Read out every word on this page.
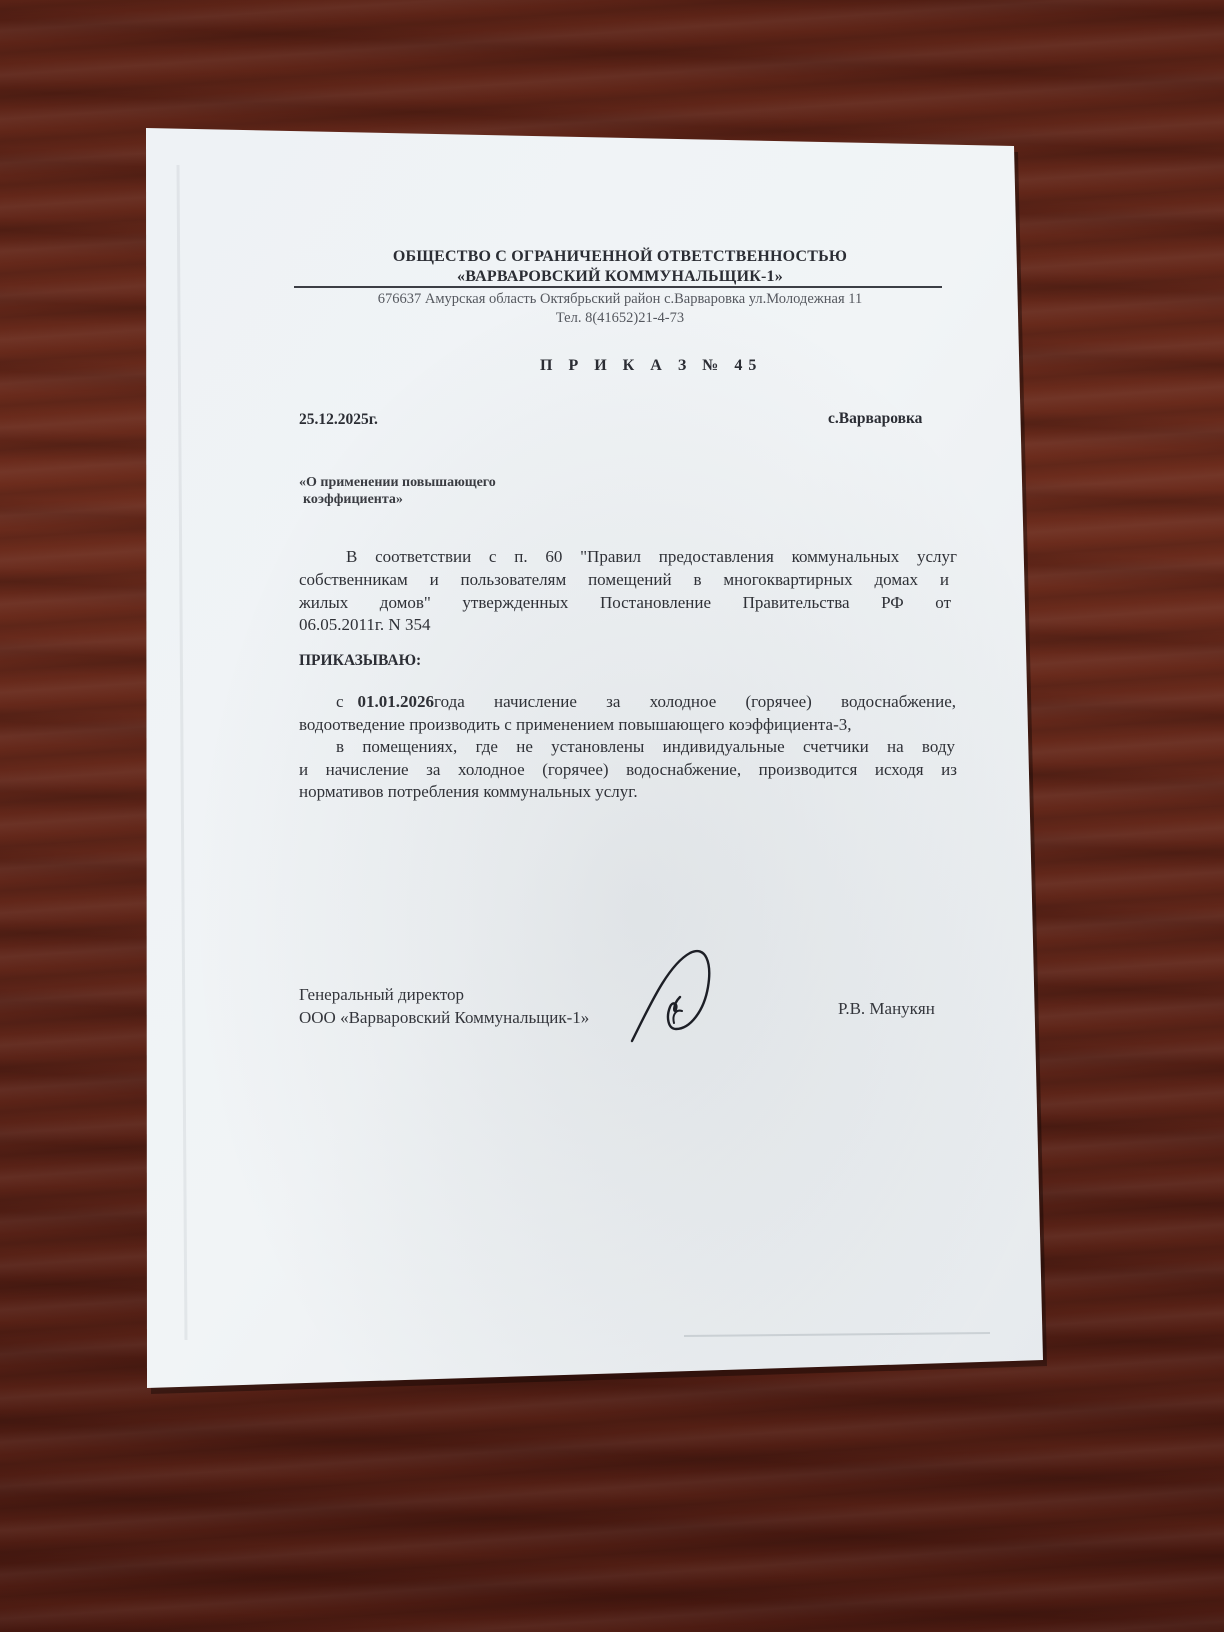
ОБЩЕСТВО С ОГРАНИЧЕННОЙ ОТВЕТСТВЕННОСТЬЮ
«ВАРВАРОВСКИЙ КОММУНАЛЬЩИК-1»
676637 Амурская область Октябрьский район с.Варваровка ул.Молодежная 11
Тел. 8(41652)21-4-73
П Р И К А З № 45
25.12.2025г.	с.Варваровка
«О применении повышающего
коэффициента»
В соответствии с п. 60 "Правил предоставления коммунальных услуг
собственникам и пользователям помещений в многоквартирных домах и
жилых домов" утвержденных Постановление Правительства РФ от
06.05.2011г. N 354
ПРИКАЗЫВАЮ:
с 01.01.2026 года начисление за холодное (горячее) водоснабжение,
водоотведение производить с применением повышающего коэффициента-3,
в помещениях, где не установлены индивидуальные счетчики на воду
и начисление за холодное (горячее) водоснабжение, производится исходя из
нормативов потребления коммунальных услуг.
Генеральный директор
ООО «Варваровский Коммунальщик-1»	Р.В. Манукян
